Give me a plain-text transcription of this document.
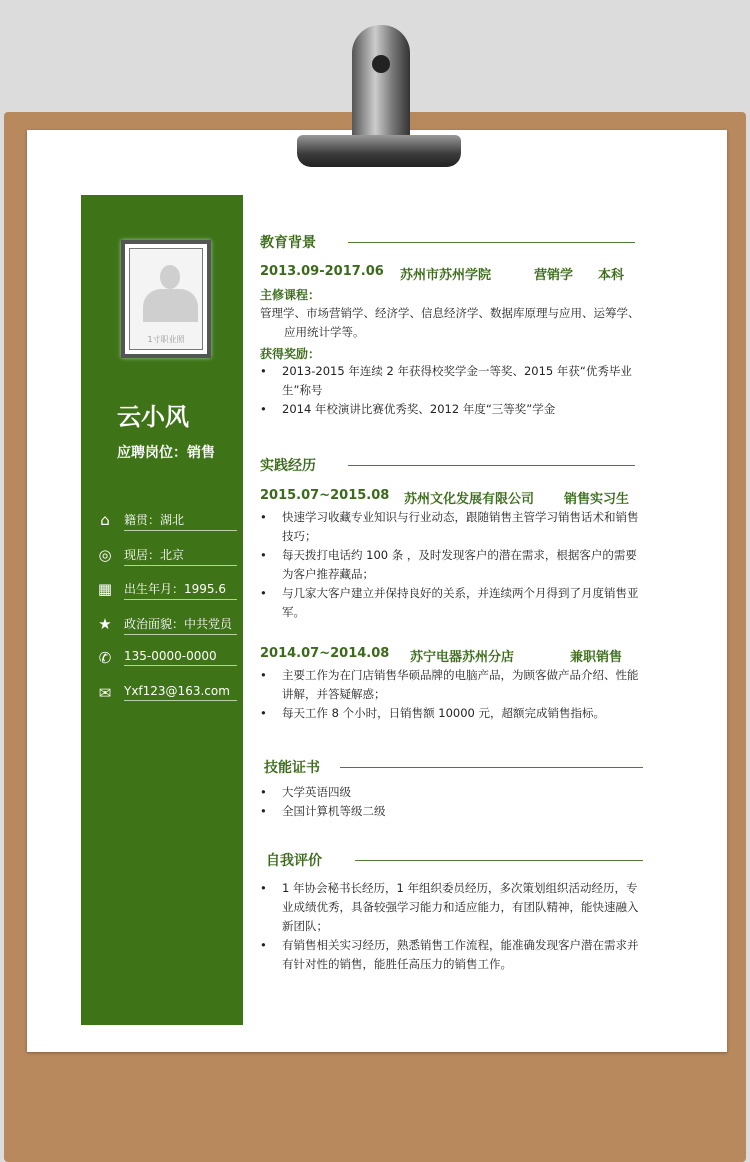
1寸职业照
云小风
应聘岗位：销售
⌂	籍贯：湖北
◎ 现居：北京
▦ 出生年月：1995.6
★ 政治面貌：中共党员
✆	135-0000-0000
✉	Yxf123@163.com
教育背景
2013.09-2017.06 苏州市苏州学院	营销学 本科
主修课程：
管理学、市场营销学、经济学、信息经济学、数据库原理与应用、运筹学、应用统计学等。
获得奖励：
• 2013-2015 年连续 2 年获得校奖学金一等奖、2015 年获“优秀毕业生”称号
• 2014 年校演讲比赛优秀奖、2012 年度“三等奖”学金
实践经历
2015.07~2015.08 苏州文化发展有限公司 销售实习生
• 快速学习收藏专业知识与行业动态，跟随销售主管学习销售话术和销售技巧；
• 每天拨打电话约 100 条 ，及时发现客户的潜在需求，根据客户的需要为客户推荐藏品；
• 与几家大客户建立并保持良好的关系，并连续两个月得到了月度销售亚军。
2014.07~2014.08 苏宁电器苏州分店	兼职销售
• 主要工作为在门店销售华硕品牌的电脑产品，为顾客做产品介绍、性能讲解，并答疑解惑；
• 每天工作 8 个小时，日销售额 10000 元，超额完成销售指标。
技能证书
• 大学英语四级
• 全国计算机等级二级
自我评价
• 1 年协会秘书长经历，1 年组织委员经历，多次策划组织活动经历，专业成绩优秀，具备较强学习能力和适应能力，有团队精神，能快速融入新团队；
• 有销售相关实习经历，熟悉销售工作流程，能准确发现客户潜在需求并有针对性的销售，能胜任高压力的销售工作。
